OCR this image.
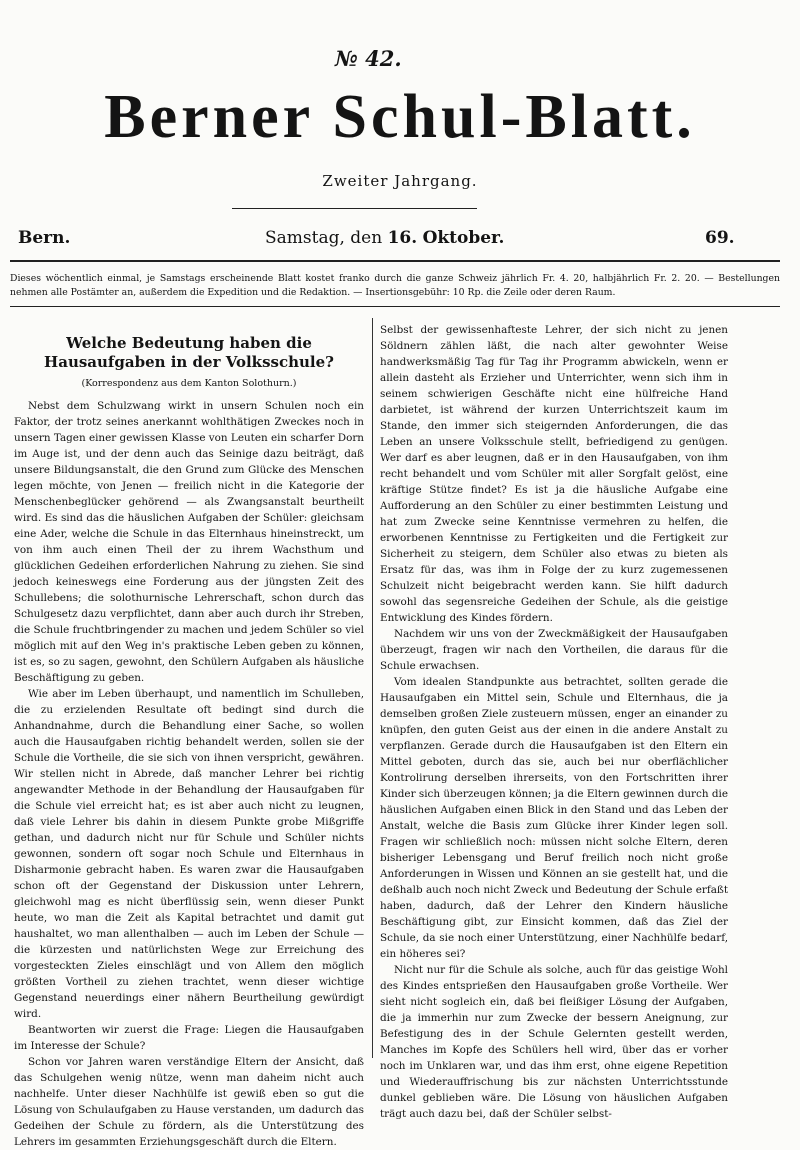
№ 42.
Berner Schul-Blatt.
Zweiter Jahrgang.
Bern.	Samstag, den 16. Oktober.	69.
Dieses wöchentlich einmal, je Samstags erscheinende Blatt kostet franko durch die ganze Schweiz jährlich Fr. 4. 20, halbjährlich Fr. 2. 20. — Bestellungen nehmen alle Postämter an, außerdem die Expedition und die Redaktion. — Insertionsgebühr: 10 Rp. die Zeile oder deren Raum.
Welche Bedeutung haben die Hausaufgaben in der Volksschule?
(Korrespondenz aus dem Kanton Solothurn.)

Nebst dem Schulzwang wirkt in unsern Schulen noch ein Faktor, der trotz seines anerkannt wohlthätigen Zweckes noch in unsern Tagen einer gewissen Klasse von Leuten ein scharfer Dorn im Auge ist, und der denn auch das Seinige dazu beiträgt, daß unsere Bildungsanstalt, die den Grund zum Glücke des Menschen legen möchte, von Jenen — freilich nicht in die Kategorie der Menschenbeglücker gehörend — als Zwangsanstalt beurtheilt wird. Es sind das die häuslichen Aufgaben der Schüler: gleichsam eine Ader, welche die Schule in das Elternhaus hineinstreckt, um von ihm auch einen Theil der zu ihrem Wachsthum und glücklichen Gedeihen erforderlichen Nahrung zu ziehen. Sie sind jedoch keineswegs eine Forderung aus der jüngsten Zeit des Schullebens; die solothurnische Lehrerschaft, schon durch das Schulgesetz dazu verpflichtet, dann aber auch durch ihr Streben, die Schule fruchtbringender zu machen und jedem Schüler so viel möglich mit auf den Weg in's praktische Leben geben zu können, ist es, so zu sagen, gewohnt, den Schülern Aufgaben als häusliche Beschäftigung zu geben.

Wie aber im Leben überhaupt, und namentlich im Schulleben, die zu erzielenden Resultate oft bedingt sind durch die Anhandnahme, durch die Behandlung einer Sache, so wollen auch die Hausaufgaben richtig behandelt werden, sollen sie der Schule die Vortheile, die sie sich von ihnen verspricht, gewähren. Wir stellen nicht in Abrede, daß mancher Lehrer bei richtig angewandter Methode in der Behandlung der Hausaufgaben für die Schule viel erreicht hat; es ist aber auch nicht zu leugnen, daß viele Lehrer bis dahin in diesem Punkte grobe Mißgriffe gethan, und dadurch nicht nur für Schule und Schüler nichts gewonnen, sondern oft sogar noch Schule und Elternhaus in Disharmonie gebracht haben. Es waren zwar die Hausaufgaben schon oft der Gegenstand der Diskussion unter Lehrern, gleichwohl mag es nicht überflüssig sein, wenn dieser Punkt heute, wo man die Zeit als Kapital betrachtet und damit gut haushaltet, wo man allenthalben — auch im Leben der Schule — die kürzesten und natürlichsten Wege zur Erreichung des vorgesteckten Zieles einschlägt und von Allem den möglich größten Vortheil zu ziehen trachtet, wenn dieser wichtige Gegenstand neuerdings einer nähern Beurtheilung gewürdigt wird.

Beantworten wir zuerst die Frage: Liegen die Hausaufgaben im Interesse der Schule?

Schon vor Jahren waren verständige Eltern der Ansicht, daß das Schulgehen wenig nütze, wenn man daheim nicht auch nachhelfe. Unter dieser Nachhülfe ist gewiß eben so gut die Lösung von Schulaufgaben zu Hause verstanden, um dadurch das Gedeihen der Schule zu fördern, als die Unterstützung des Lehrers im gesammten Erziehungsgeschäft durch die Eltern.

Selbst der gewissenhafteste Lehrer, der sich nicht zu jenen Söldnern zählen läßt, die nach alter gewohnter Weise handwerksmäßig Tag für Tag ihr Programm abwickeln, wenn er allein dasteht als Erzieher und Unterrichter, wenn sich ihm in seinem schwierigen Geschäfte nicht eine hülfreiche Hand darbietet, ist während der kurzen Unterrichtszeit kaum im Stande, den immer sich steigernden Anforderungen, die das Leben an unsere Volksschule stellt, befriedigend zu genügen. Wer darf es aber leugnen, daß er in den Hausaufgaben, von ihm recht behandelt und vom Schüler mit aller Sorgfalt gelöst, eine kräftige Stütze findet? Es ist ja die häusliche Aufgabe eine Aufforderung an den Schüler zu einer bestimmten Leistung und hat zum Zwecke seine Kenntnisse vermehren zu helfen, die erworbenen Kenntnisse zu Fertigkeiten und die Fertigkeit zur Sicherheit zu steigern, dem Schüler also etwas zu bieten als Ersatz für das, was ihm in Folge der zu kurz zugemessenen Schulzeit nicht beigebracht werden kann. Sie hilft dadurch sowohl das segensreiche Gedeihen der Schule, als die geistige Entwicklung des Kindes fördern.

Nachdem wir uns von der Zweckmäßigkeit der Hausaufgaben überzeugt, fragen wir nach den Vortheilen, die daraus für die Schule erwachsen.

Vom idealen Standpunkte aus betrachtet, sollten gerade die Hausaufgaben ein Mittel sein, Schule und Elternhaus, die ja demselben großen Ziele zusteuern müssen, enger an einander zu knüpfen, den guten Geist aus der einen in die andere Anstalt zu verpflanzen. Gerade durch die Hausaufgaben ist den Eltern ein Mittel geboten, durch das sie, auch bei nur oberflächlicher Kontrolirung derselben ihrerseits, von den Fortschritten ihrer Kinder sich überzeugen können; ja die Eltern gewinnen durch die häuslichen Aufgaben einen Blick in den Stand und das Leben der Anstalt, welche die Basis zum Glücke ihrer Kinder legen soll. Fragen wir schließlich noch: müssen nicht solche Eltern, deren bisheriger Lebensgang und Beruf freilich noch nicht große Anforderungen in Wissen und Können an sie gestellt hat, und die deßhalb auch noch nicht Zweck und Bedeutung der Schule erfaßt haben, dadurch, daß der Lehrer den Kindern häusliche Beschäftigung gibt, zur Einsicht kommen, daß das Ziel der Schule, da sie noch einer Unterstützung, einer Nachhülfe bedarf, ein höheres sei?

Nicht nur für die Schule als solche, auch für das geistige Wohl des Kindes entsprießen den Hausaufgaben große Vortheile. Wer sieht nicht sogleich ein, daß bei fleißiger Lösung der Aufgaben, die ja immerhin nur zum Zwecke der bessern Aneignung, zur Befestigung des in der Schule Gelernten gestellt werden, Manches im Kopfe des Schülers hell wird, über das er vorher noch im Unklaren war, und das ihm erst, ohne eigene Repetition und Wiederauffrischung bis zur nächsten Unterrichtsstunde dunkel geblieben wäre. Die Lösung von häuslichen Aufgaben trägt auch dazu bei, daß der Schüler selbst-
